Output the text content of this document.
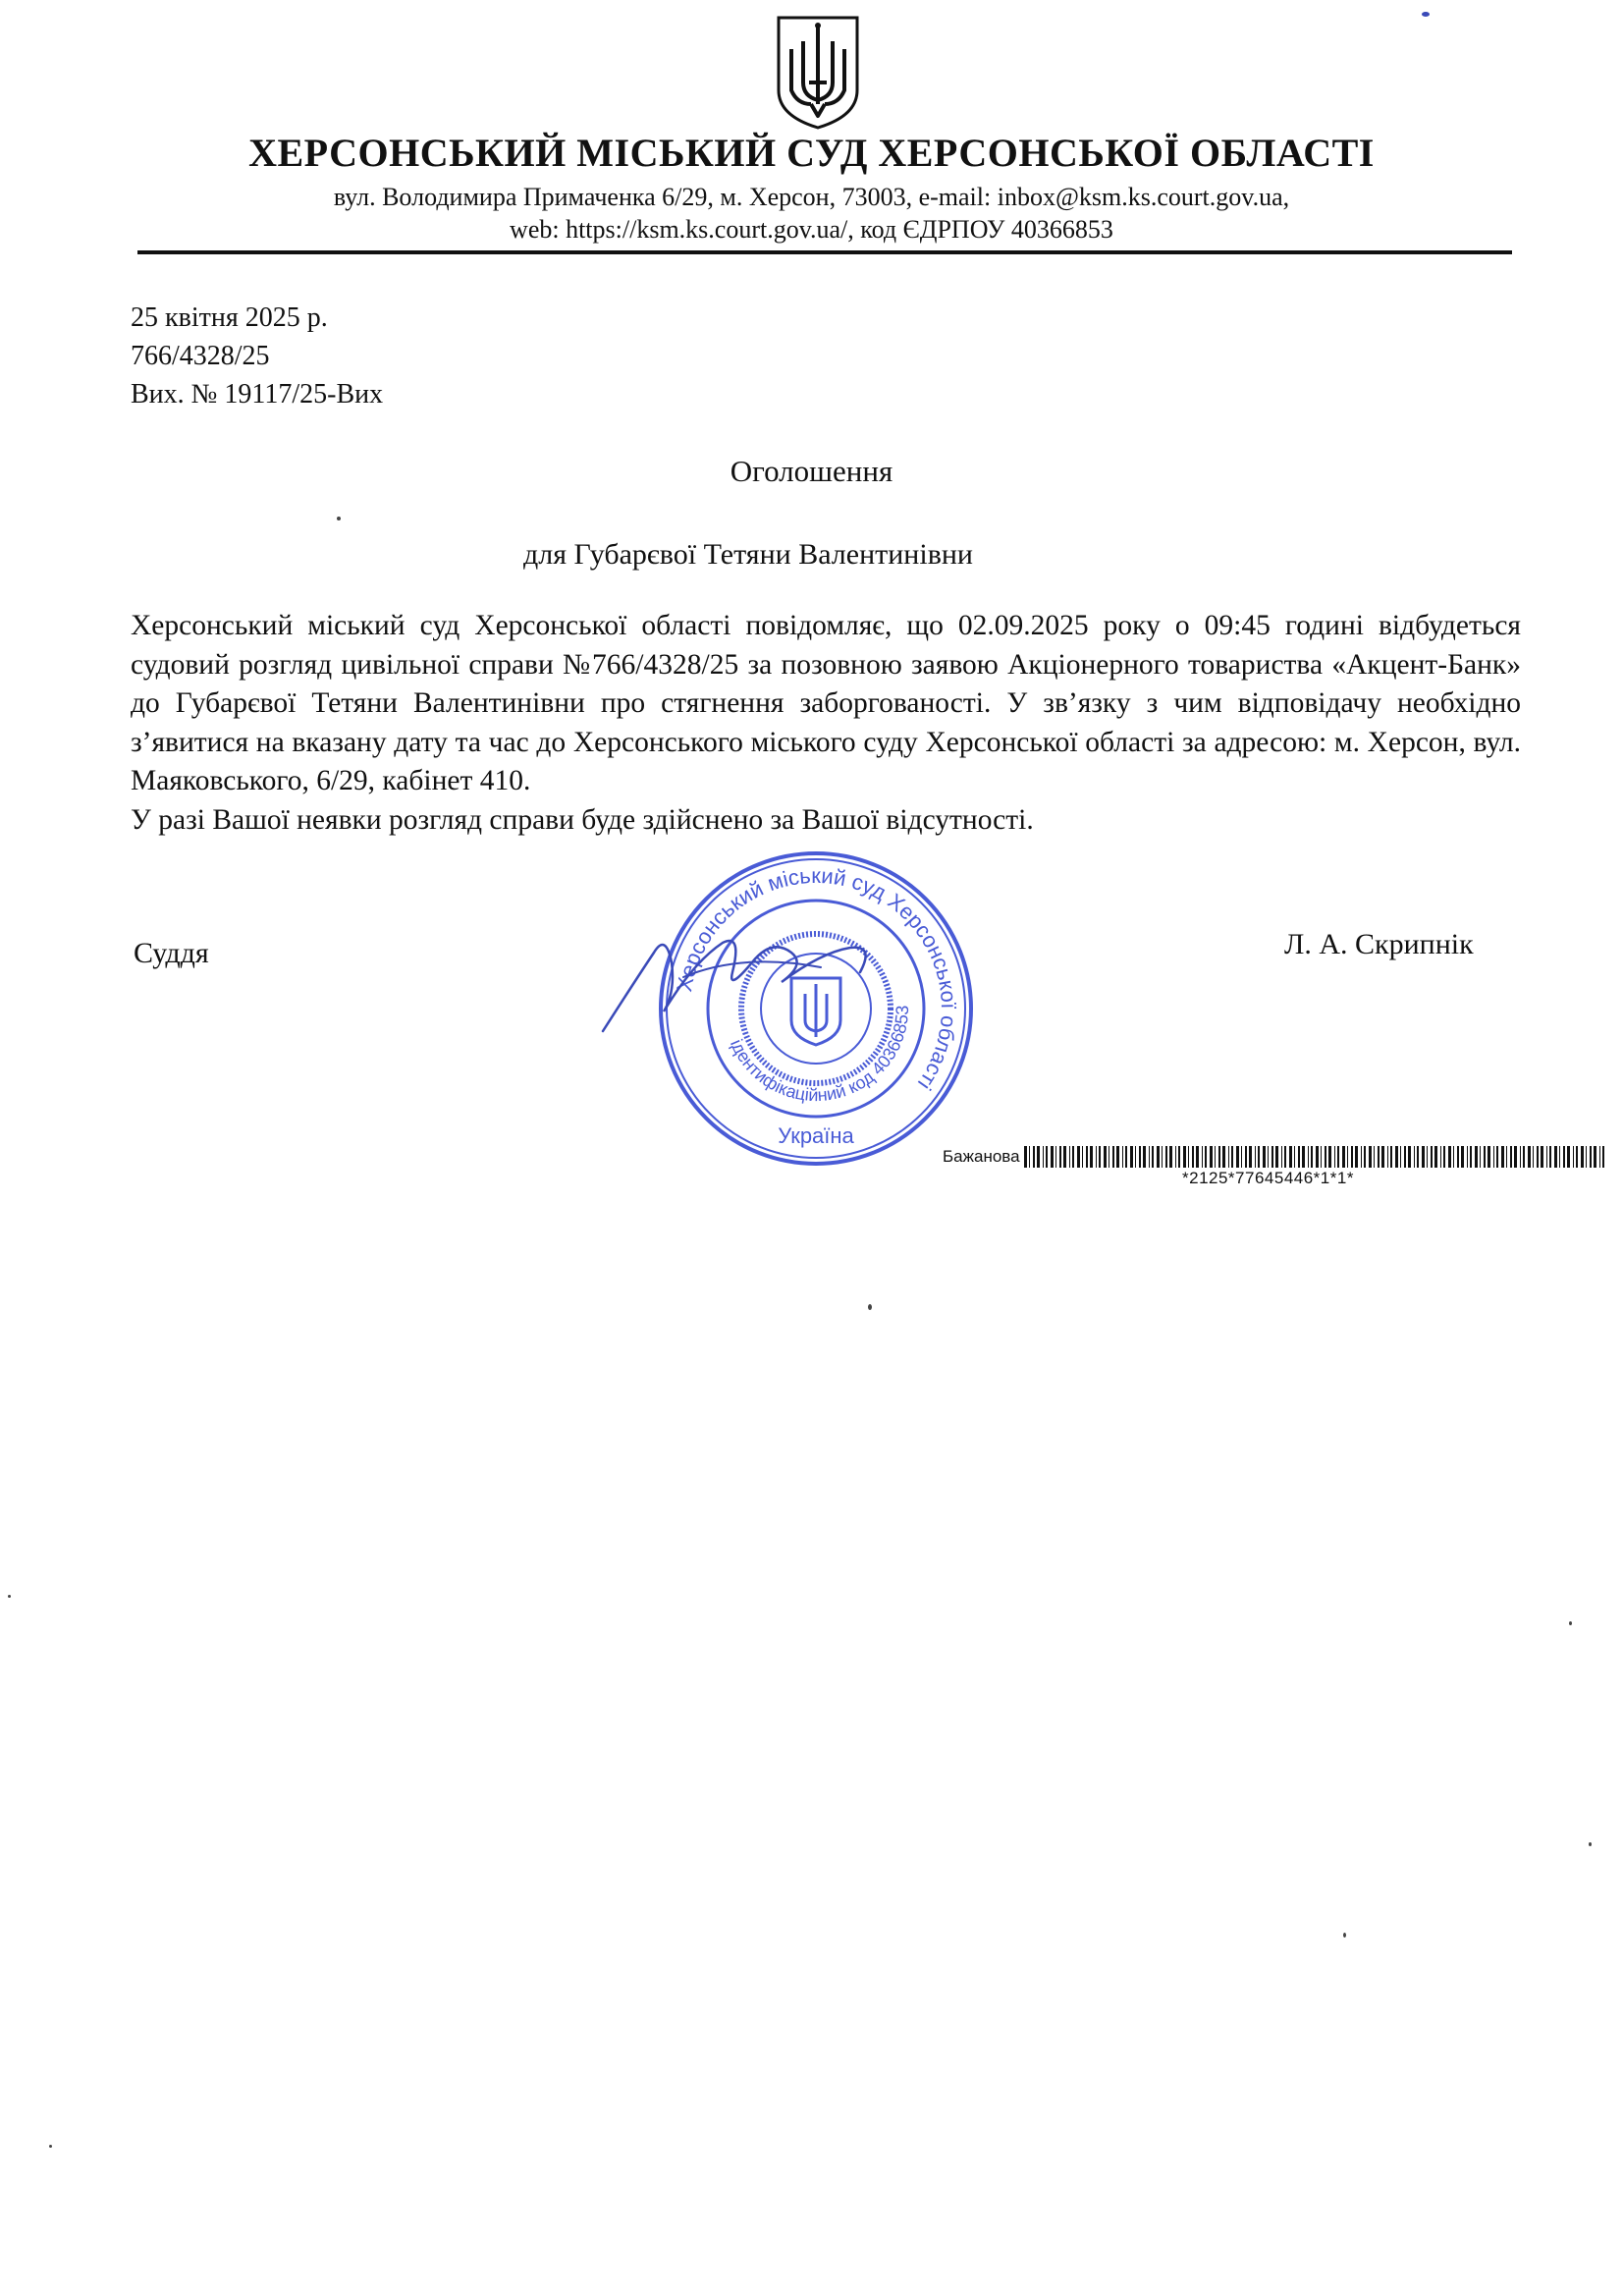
ХЕРСОНСЬКИЙ МІСЬКИЙ СУД ХЕРСОНСЬКОЇ ОБЛАСТІ
вул. Володимира Примаченка 6/29, м. Херсон, 73003, e-mail: inbox@ksm.ks.court.gov.ua,
web: https://ksm.ks.court.gov.ua/, код ЄДРПОУ 40366853
25 квітня 2025 р.
766/4328/25
Вих. № 19117/25-Вих
Оголошення
для Губарєвої Тетяни Валентинівни

Херсонський міський суд Херсонської області повідомляє, що 02.09.2025 року о 09:45 годині відбудеться судовий розгляд цивільної справи №766/4328/25 за позовною заявою Акціонерного товариства «Акцент-Банк» до Губарєвої Тетяни Валентинівни про стягнення заборгованості. У зв’язку з чим відповідачу необхідно з’явитися на вказану дату та час до Херсонського міського суду Херсонської області за адресою: м. Херсон, вул. Маяковського, 6/29, кабінет 410.

У разі Вашої неявки розгляд справи буде здійснено за Вашої відсутності.

Суддя	Л. А. Скрипнік
Херсонський міський суд Херсонської області
ідентифікаційний код 40366853
Україна
Бажанова
*2125*77645446*1*1*
